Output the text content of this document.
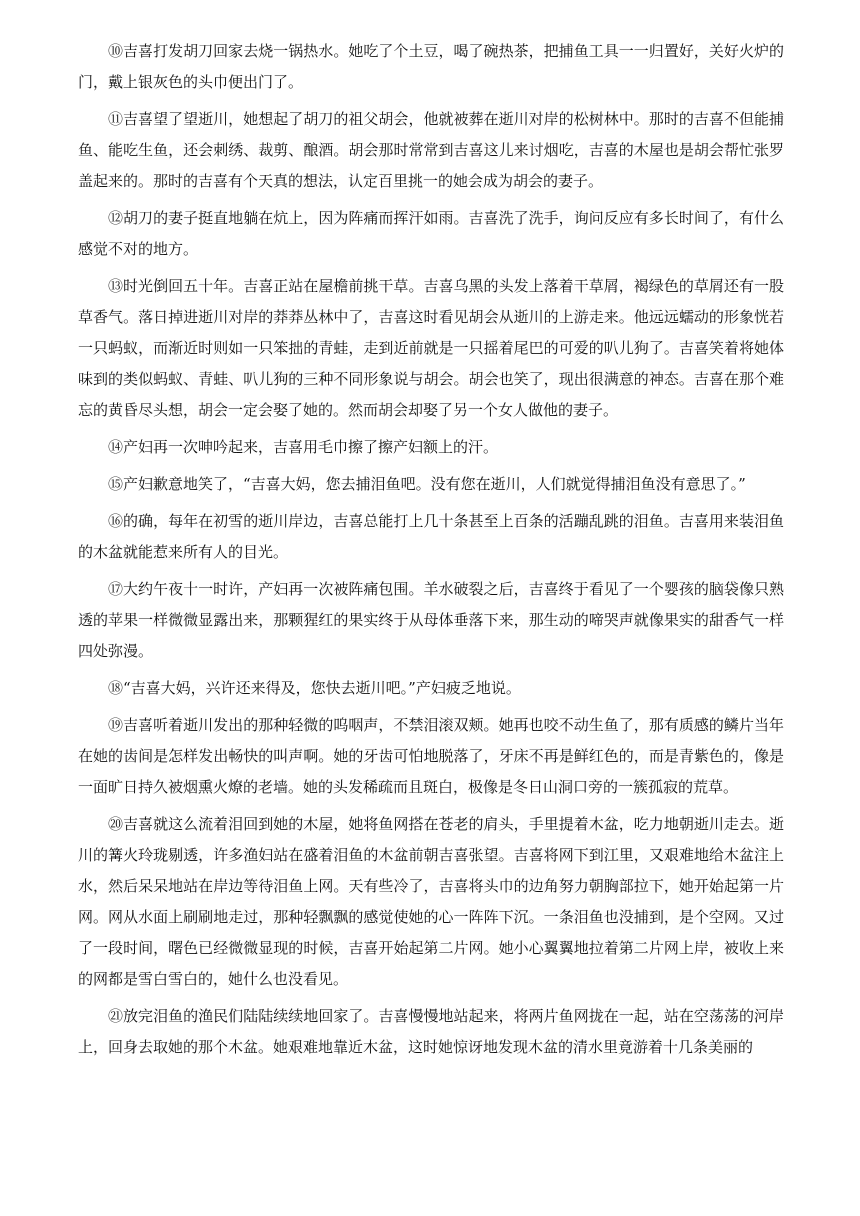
⑩吉喜打发胡刀回家去烧一锅热水。她吃了个土豆，喝了碗热茶，把捕鱼工具一一归置好，关好火炉的门，戴上银灰色的头巾便出门了。

⑪吉喜望了望逝川，她想起了胡刀的祖父胡会，他就被葬在逝川对岸的松树林中。那时的吉喜不但能捕鱼、能吃生鱼，还会刺绣、裁剪、酿酒。胡会那时常常到吉喜这儿来讨烟吃，吉喜的木屋也是胡会帮忙张罗盖起来的。那时的吉喜有个天真的想法，认定百里挑一的她会成为胡会的妻子。

⑫胡刀的妻子挺直地躺在炕上，因为阵痛而挥汗如雨。吉喜洗了洗手，询问反应有多长时间了，有什么感觉不对的地方。

⑬时光倒回五十年。吉喜正站在屋檐前挑干草。吉喜乌黑的头发上落着干草屑，褐绿色的草屑还有一股草香气。落日掉进逝川对岸的莽莽丛林中了，吉喜这时看见胡会从逝川的上游走来。他远远蠕动的形象恍若一只蚂蚁，而渐近时则如一只笨拙的青蛙，走到近前就是一只摇着尾巴的可爱的叭儿狗了。吉喜笑着将她体味到的类似蚂蚁、青蛙、叭儿狗的三种不同形象说与胡会。胡会也笑了，现出很满意的神态。吉喜在那个难忘的黄昏尽头想，胡会一定会娶了她的。然而胡会却娶了另一个女人做他的妻子。

⑭产妇再一次呻吟起来，吉喜用毛巾擦了擦产妇额上的汗。

⑮产妇歉意地笑了，“吉喜大妈，您去捕泪鱼吧。没有您在逝川，人们就觉得捕泪鱼没有意思了。”

⑯的确，每年在初雪的逝川岸边，吉喜总能打上几十条甚至上百条的活蹦乱跳的泪鱼。吉喜用来装泪鱼的木盆就能惹来所有人的目光。

⑰大约午夜十一时许，产妇再一次被阵痛包围。羊水破裂之后，吉喜终于看见了一个婴孩的脑袋像只熟透的苹果一样微微显露出来，那颗猩红的果实终于从母体垂落下来，那生动的啼哭声就像果实的甜香气一样四处弥漫。

⑱“吉喜大妈，兴许还来得及，您快去逝川吧。”产妇疲乏地说。

⑲吉喜听着逝川发出的那种轻微的呜咽声，不禁泪滚双颊。她再也咬不动生鱼了，那有质感的鳞片当年在她的齿间是怎样发出畅快的叫声啊。她的牙齿可怕地脱落了，牙床不再是鲜红色的，而是青紫色的，像是一面旷日持久被烟熏火燎的老墙。她的头发稀疏而且斑白，极像是冬日山洞口旁的一簇孤寂的荒草。

⑳吉喜就这么流着泪回到她的木屋，她将鱼网搭在苍老的肩头，手里提着木盆，吃力地朝逝川走去。逝川的篝火玲珑剔透，许多渔妇站在盛着泪鱼的木盆前朝吉喜张望。吉喜将网下到江里，又艰难地给木盆注上水，然后呆呆地站在岸边等待泪鱼上网。天有些冷了，吉喜将头巾的边角努力朝胸部拉下，她开始起第一片网。网从水面上刷刷地走过，那种轻飘飘的感觉使她的心一阵阵下沉。一条泪鱼也没捕到，是个空网。又过了一段时间，曙色已经微微显现的时候，吉喜开始起第二片网。她小心翼翼地拉着第二片网上岸，被收上来的网都是雪白雪白的，她什么也没看见。

㉑放完泪鱼的渔民们陆陆续续地回家了。吉喜慢慢地站起来，将两片鱼网拢在一起，站在空荡荡的河岸上，回身去取她的那个木盆。她艰难地靠近木盆，这时她惊讶地发现木盆的清水里竟游着十几条美丽的
